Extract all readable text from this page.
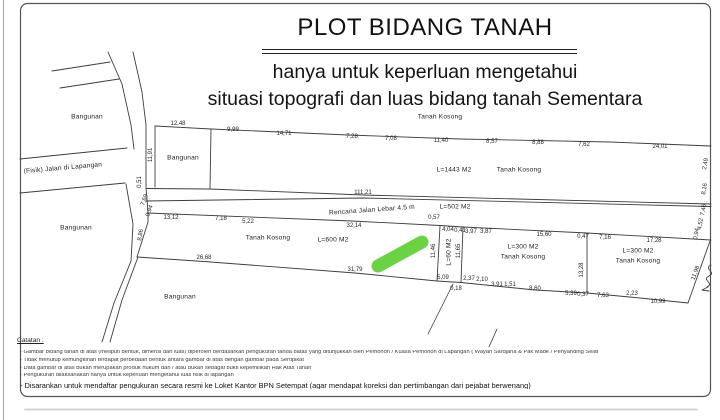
PLOT BIDANG TANAH
hanya untuk keperluan mengetahui
situasi topografi dan luas bidang tanah Sementara
Bangunan
(Fisik) Jalan di Lapangan
Bangunan
Bangunan
Bangunan
Tanah Kosong
L=1443 M2	Tanah Kosong
Rencana Jalan Lebar 4.5 m	L=502 M2
Tanah Kosong	L=600 M2	L=60 M2	L=300 M2
Tanah Kosong
L=300 M2
Tanah Kosong
12,48
9,99
14,71	7,28	7,08	11,40	8,57	8,88	7,62	24,01
11,91
0,51
7,69
0,94
8,86
111,21
0,57
13,12	7,18	5,22
32,14
4,04 0,41 3,97 3,87	15,60	0,47 7,16	17,28
2,49
8,16
7,46
4,52
0,94
11,46	11,65
13,28	11,98
26,68
31,79
5,09
0,18
2,37 2,10
3,91 1,51
8,60
5,39 0,37 7,63	2,23
10,99
Catatan :
- Gambar bidang tanah di atas (meliputi bentuk, dimensi dan luas) diperoleh berdasarkan pengukuran tanda batas yang ditunjukkan oleh Pemohon / Kuasa Pemohon di Lapangan ( Wayan Sardjana & Pak Made / Penyanding Selat
- Tidak menutup kemungkinan terdapat perbedaan bentuk antara gambar di atas dengan gambar pada Sertipikat
- Data gambar di atas bukan merupakan produk hukum dan / atau bukan sebagai bukti kepemilikan Hak Atas Tanah
- Pengukuran dilaksanakan hanya untuk keperluan mengetahui luas fisik di lapangan
- Disarankan untuk mendaftar pengukuran secara resmi ke Loket Kantor BPN Setempat (agar mendapat koreksi dan pertimbangan dari pejabat berwenang)
